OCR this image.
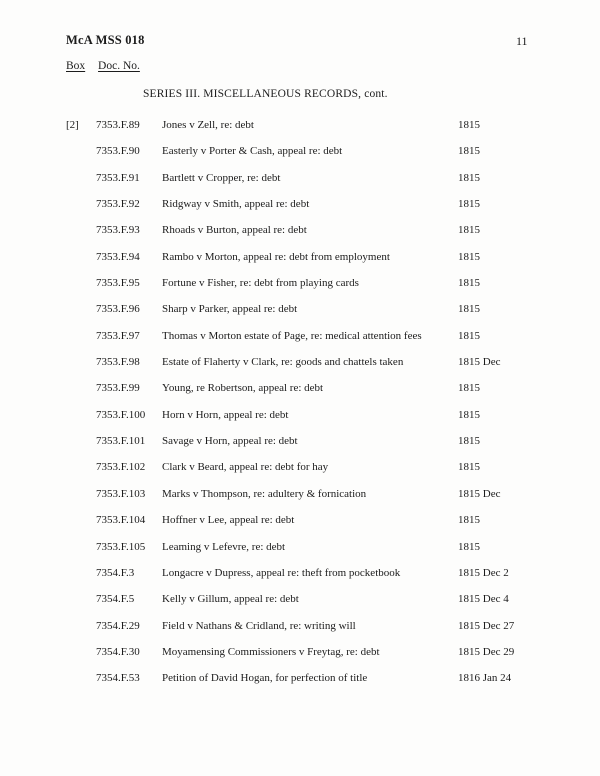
McA MSS 018	11
Box Doc. No.
SERIES III. MISCELLANEOUS RECORDS, cont.
[2]	7353.F.89	Jones v Zell, re: debt	1815
7353.F.90	Easterly v Porter & Cash, appeal re: debt	1815
7353.F.91	Bartlett v Cropper, re: debt	1815
7353.F.92	Ridgway v Smith, appeal re: debt	1815
7353.F.93	Rhoads v Burton, appeal re: debt	1815
7353.F.94	Rambo v Morton, appeal re: debt from employment	1815
7353.F.95	Fortune v Fisher, re: debt from playing cards	1815
7353.F.96	Sharp v Parker, appeal re: debt	1815
7353.F.97	Thomas v Morton estate of Page, re: medical attention fees	1815
7353.F.98	Estate of Flaherty v Clark, re: goods and chattels taken	1815 Dec
7353.F.99	Young, re Robertson, appeal re: debt	1815
7353.F.100	Horn v Horn, appeal re: debt	1815
7353.F.101	Savage v Horn, appeal re: debt	1815
7353.F.102	Clark v Beard, appeal re: debt for hay	1815
7353.F.103	Marks v Thompson, re: adultery & fornication	1815 Dec
7353.F.104	Hoffner v Lee, appeal re: debt	1815
7353.F.105	Leaming v Lefevre, re: debt	1815
7354.F.3	Longacre v Dupress, appeal re: theft from pocketbook	1815 Dec 2
7354.F.5	Kelly v Gillum, appeal re: debt	1815 Dec 4
7354.F.29	Field v Nathans & Cridland, re: writing will	1815 Dec 27
7354.F.30	Moyamensing Commissioners v Freytag, re: debt	1815 Dec 29
7354.F.53	Petition of David Hogan, for perfection of title	1816 Jan 24
